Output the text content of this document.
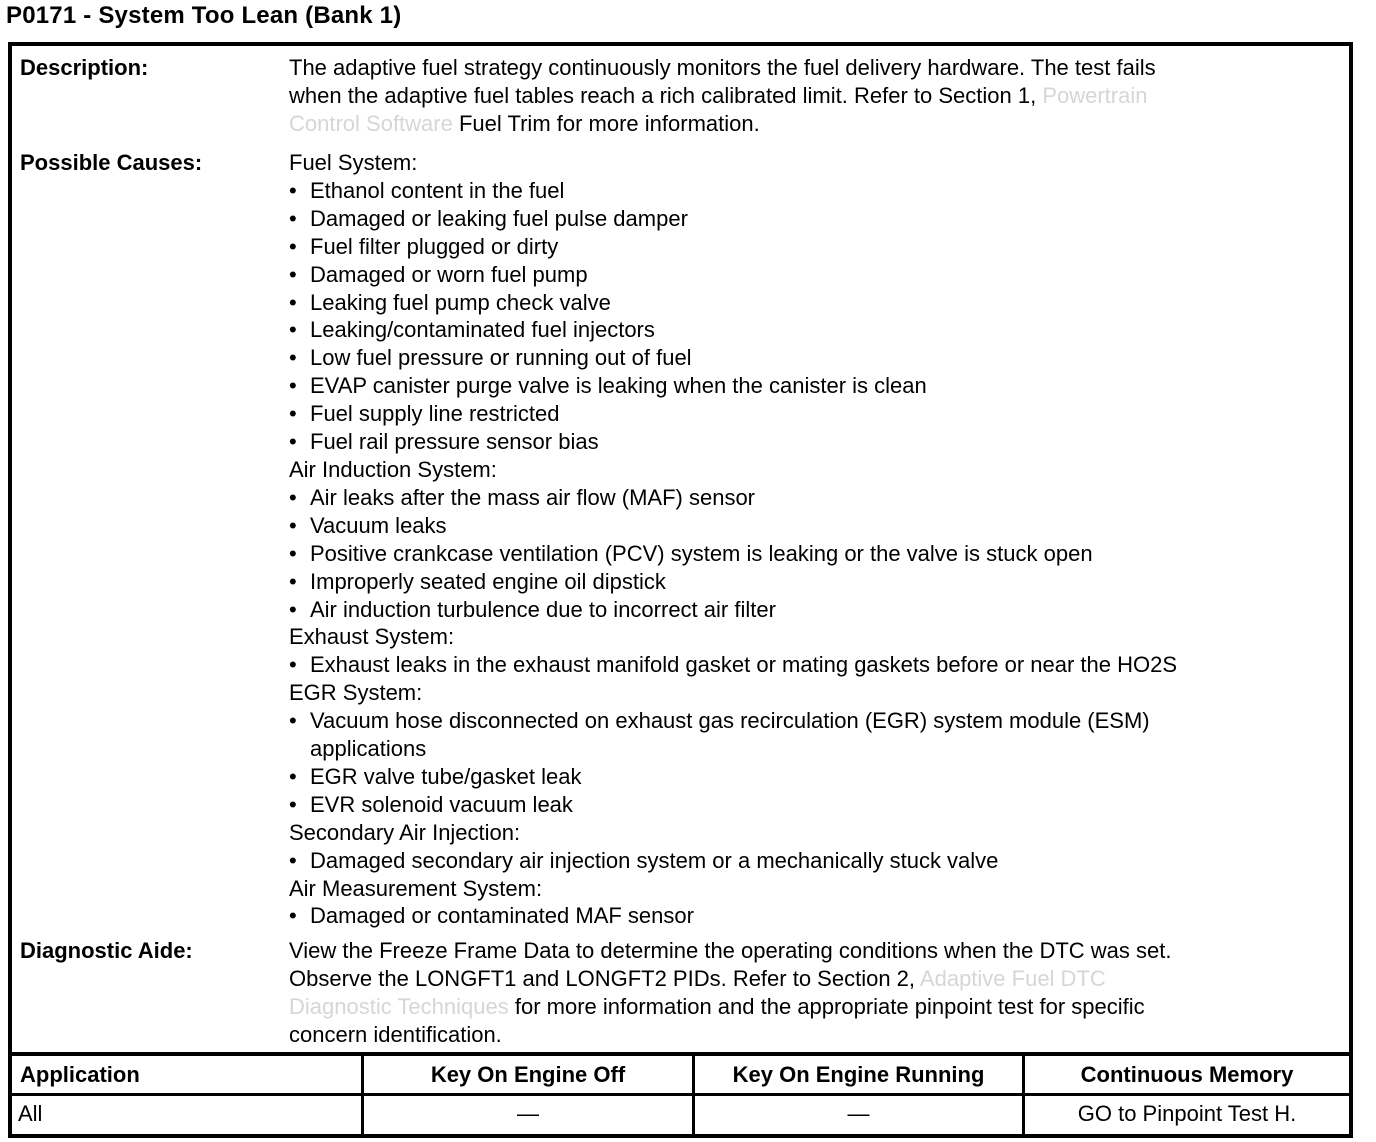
P0171 - System Too Lean (Bank 1)
Description:	The adaptive fuel strategy continuously monitors the fuel delivery hardware. The test fails
when the adaptive fuel tables reach a rich calibrated limit. Refer to Section 1, Powertrain
Control Software Fuel Trim for more information.
Possible Causes:	Fuel System:
• Ethanol content in the fuel
• Damaged or leaking fuel pulse damper
• Fuel filter plugged or dirty
• Damaged or worn fuel pump
• Leaking fuel pump check valve
• Leaking/contaminated fuel injectors
• Low fuel pressure or running out of fuel
• EVAP canister purge valve is leaking when the canister is clean
• Fuel supply line restricted
• Fuel rail pressure sensor bias
Air Induction System:
• Air leaks after the mass air flow (MAF) sensor
• Vacuum leaks
• Positive crankcase ventilation (PCV) system is leaking or the valve is stuck open
• Improperly seated engine oil dipstick
• Air induction turbulence due to incorrect air filter
Exhaust System:
• Exhaust leaks in the exhaust manifold gasket or mating gaskets before or near the HO2S
EGR System:
• Vacuum hose disconnected on exhaust gas recirculation (EGR) system module (ESM)
applications
• EGR valve tube/gasket leak
• EVR solenoid vacuum leak
Secondary Air Injection:
• Damaged secondary air injection system or a mechanically stuck valve
Air Measurement System:
• Damaged or contaminated MAF sensor
Diagnostic Aide:	View the Freeze Frame Data to determine the operating conditions when the DTC was set.
Observe the LONGFT1 and LONGFT2 PIDs. Refer to Section 2, Adaptive Fuel DTC
Diagnostic Techniques for more information and the appropriate pinpoint test for specific
concern identification.
Application	Key On Engine Off	Key On Engine Running	Continuous Memory
All	—	—	GO to Pinpoint Test H.
